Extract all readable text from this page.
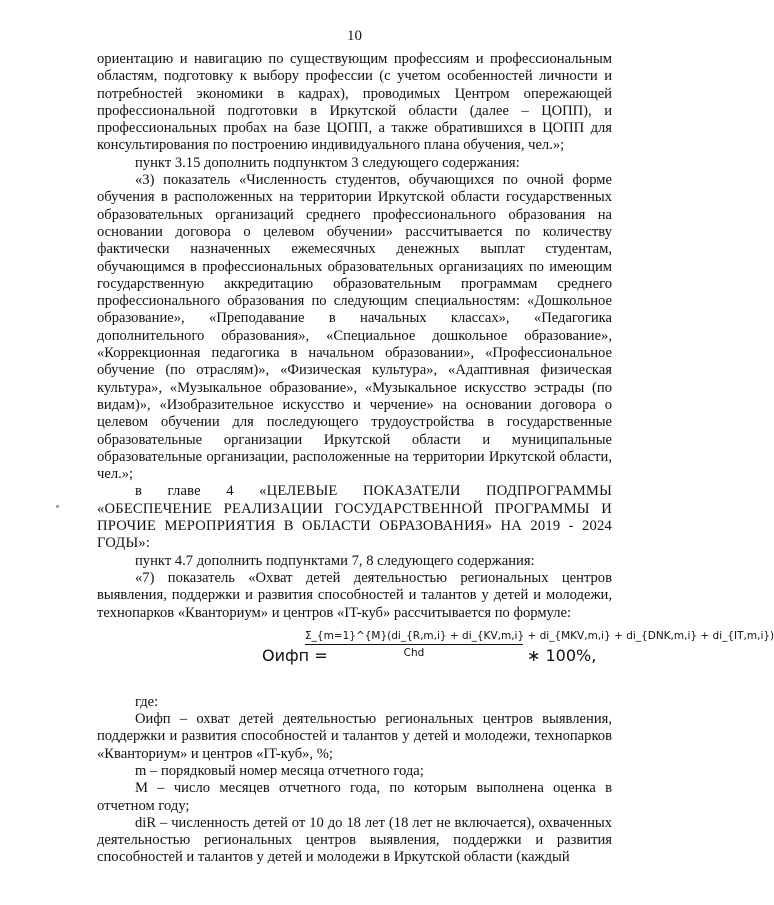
10

ориентацию и навигацию по существующим профессиям и профессиональным областям, подготовку к выбору профессии (с учетом особенностей личности и потребностей экономики в кадрах), проводимых Центром опережающей профессиональной подготовки в Иркутской области (далее – ЦОПП), и профессиональных пробах на базе ЦОПП, а также обратившихся в ЦОПП для консультирования по построению индивидуального плана обучения, чел.»;

пункт 3.15 дополнить подпунктом 3 следующего содержания:

«3) показатель «Численность студентов, обучающихся по очной форме обучения в расположенных на территории Иркутской области государственных образовательных организаций среднего профессионального образования на основании договора о целевом обучении» рассчитывается по количеству фактически назначенных ежемесячных денежных выплат студентам, обучающимся в профессиональных образовательных организациях по имеющим государственную аккредитацию образовательным программам среднего профессионального образования по следующим специальностям: «Дошкольное образование», «Преподавание в начальных классах», «Педагогика дополнительного образования», «Специальное дошкольное образование», «Коррекционная педагогика в начальном образовании», «Профессиональное обучение (по отраслям)», «Физическая культура», «Адаптивная физическая культура», «Музыкальное образование», «Музыкальное искусство эстрады (по видам)», «Изобразительное искусство и черчение» на основании договора о целевом обучении для последующего трудоустройства в государственные образовательные организации Иркутской области и муниципальные образовательные организации, расположенные на территории Иркутской области, чел.»;

в главе 4 «ЦЕЛЕВЫЕ ПОКАЗАТЕЛИ ПОДПРОГРАММЫ «ОБЕСПЕЧЕНИЕ РЕАЛИЗАЦИИ ГОСУДАРСТВЕННОЙ ПРОГРАММЫ И ПРОЧИЕ МЕРОПРИЯТИЯ В ОБЛАСТИ ОБРАЗОВАНИЯ» НА 2019 - 2024 ГОДЫ»:

пункт 4.7 дополнить подпунктами 7, 8 следующего содержания:

«7) показатель «Охват детей деятельностью региональных центров выявления, поддержки и развития способностей и талантов у детей и молодежи, технопарков «Кванториум» и центров «IT-куб» рассчитывается по формуле:

Оифп =
Σ_{m=1}^{M}(di_{R,m,i} + di_{KV,m,i} + di_{MKV,m,i} + di_{DNK,m,i} + di_{IT,m,i})
Chd	∗ 100%,

где:

Oифп – охват детей деятельностью региональных центров выявления, поддержки и развития способностей и талантов у детей и молодежи, технопарков «Кванториум» и центров «IT-куб», %;

m – порядковый номер месяца отчетного года;

M – число месяцев отчетного года, по которым выполнена оценка в отчетном году;

diR – численность детей от 10 до 18 лет (18 лет не включается), охваченных деятельностью региональных центров выявления, поддержки и развития способностей и талантов у детей и молодежи в Иркутской области (каждый
